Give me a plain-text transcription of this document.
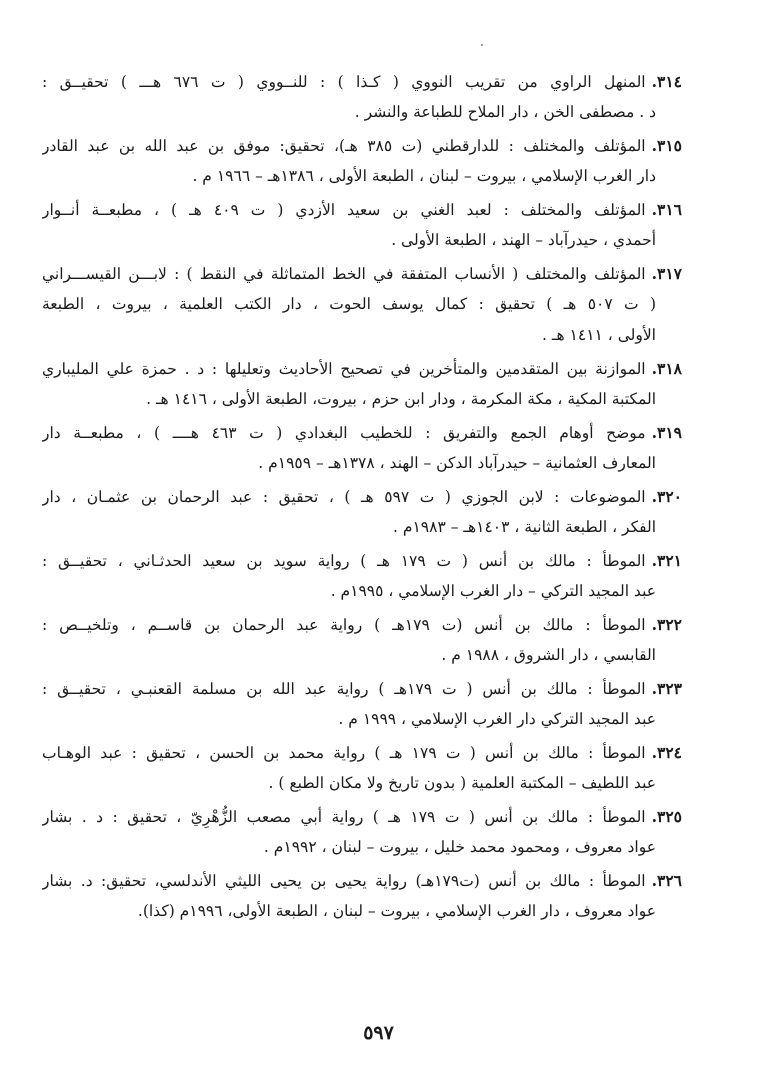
٣١٤.المنهل الراوي من تقريب النووي ( كـذا ) : للنــووي ( ت ٦٧٦ هـــ ) تحقيــق :
د . مصطفى الخن ، دار الملاح للطباعة والنشر .
٣١٥.المؤتلف والمختلف : للدارقطني (ت ٣٨٥ هـ)، تحقيق: موفق بن عبد الله بن عبد القادر
دار الغرب الإسلامي ، بيروت – لبنان ، الطبعة الأولى ، ١٣٨٦هـ – ١٩٦٦ م .
٣١٦.المؤتلف والمختلف : لعبد الغني بن سعيد الأزدي ( ت ٤٠٩ هـ ) ، مطبعــة أنــوار
أحمدي ، حيدرآباد – الهند ، الطبعة الأولى .
٣١٧.المؤتلف والمختلف ( الأنساب المتفقة في الخط المتماثلة في النقط ) : لابـــن القيســـراني
( ت ٥٠٧ هـ ) تحقيق : كمال يوسف الحوت ، دار الكتب العلمية ، بيروت ، الطبعة
الأولى ، ١٤١١ هـ .
٣١٨.الموازنة بين المتقدمين والمتأخرين في تصحيح الأحاديث وتعليلها : د . حمزة علي المليباري
المكتبة المكية ، مكة المكرمة ، ودار ابن حزم ، بيروت، الطبعة الأولى ، ١٤١٦ هـ .
٣١٩.موضح أوهام الجمع والتفريق : للخطيب البغدادي ( ت ٤٦٣ هــــ ) ، مطبعــة دار
المعارف العثمانية – حيدرآباد الدكن – الهند ، ١٣٧٨هـ – ١٩٥٩م .
٣٢٠.الموضوعات : لابن الجوزي ( ت ٥٩٧ هـ ) ، تحقيق : عبد الرحمان بن عثمـان ، دار
الفكر ، الطبعة الثانية ، ١٤٠٣هـ – ١٩٨٣م .
٣٢١.الموطأ : مالك بن أنس ( ت ١٧٩ هـ ) رواية سويد بن سعيد الحدثـاني ، تحقيــق :
عبد المجيد التركي – دار الغرب الإسلامي ، ١٩٩٥م .
٣٢٢.الموطأ : مالك بن أنس (ت ١٧٩هـ ) رواية عبد الرحمان بن قاســم ، وتلخيــص :
القابسي ، دار الشروق ، ١٩٨٨ م .
٣٢٣.الموطأ : مالك بن أنس ( ت ١٧٩هـ ) رواية عبد الله بن مسلمة القعنبـي ، تحقيــق :
عبد المجيد التركي دار الغرب الإسلامي ، ١٩٩٩ م .
٣٢٤.الموطأ : مالك بن أنس ( ت ١٧٩ هـ ) رواية محمد بن الحسن ، تحقيق : عبد الوهـاب
عبد اللطيف – المكتبة العلمية ( بدون تاريخ ولا مكان الطبع ) .
٣٢٥.الموطأ : مالك بن أنس ( ت ١٧٩ هـ ) رواية أبي مصعب الزُّهْرِيّ ، تحقيق : د . بشار
عواد معروف ، ومحمود محمد خليل ، بيروت – لبنان ، ١٩٩٢م .
٣٢٦.الموطأ : مالك بن أنس (ت١٧٩هـ) رواية يحيى بن يحيى الليثي الأندلسي، تحقيق: د. بشار
عواد معروف ، دار الغرب الإسلامي ، بيروت – لبنان ، الطبعة الأولى، ١٩٩٦م (كذا).
٥٩٧
